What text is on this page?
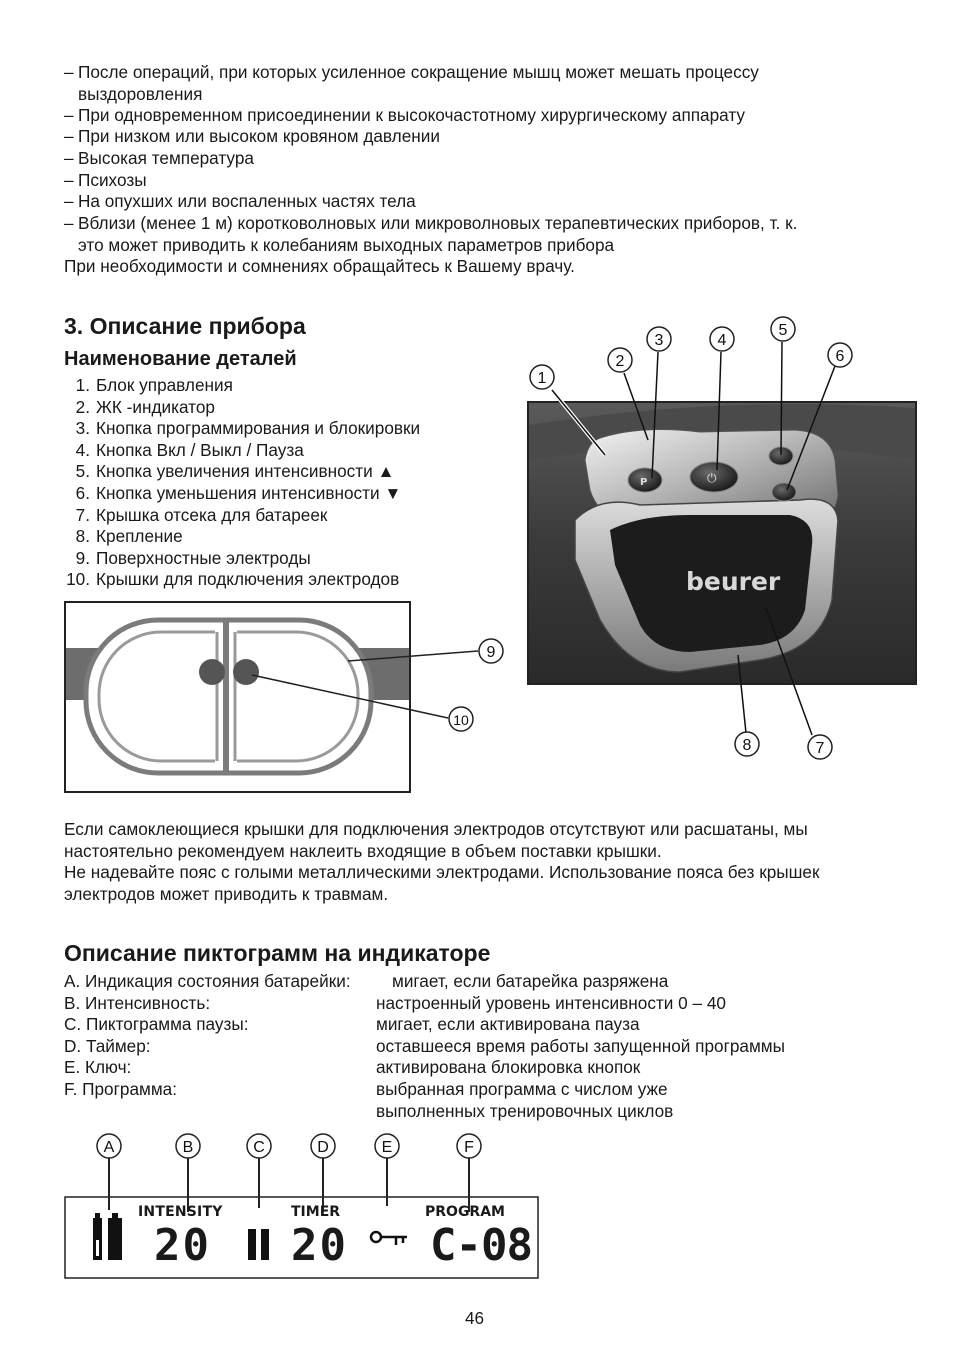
– После операций, при которых усиленное сокращение мышц может мешать процессу
выздоровления
– При одновременном присоединении к высокочастотному хирургическому аппарату
– При низком или высоком кровяном давлении
– Высокая температура
– Психозы
– На опухших или воспаленных частях тела
– Вблизи (менее 1 м) коротковолновых или микроволновых терапевтических приборов, т. к.
это может приводить к колебаниям выходных параметров прибора
При необходимости и сомнениях обращайтесь к Вашему врачу.
3. Описание прибора
Наименование деталей
1. Блок управления
2. ЖК -индикатор
3. Кнопка программирования и блокировки
4. Кнопка Вкл / Выкл / Пауза
5. Кнопка увеличения интенсивности ▲
6. Кнопка уменьшения интенсивности ▼
7. Крышка отсека для батареек
8. Крепление
9. Поверхностные электроды
10. Крышки для подключения электродов	beurer
P	⏻
9
10
1
2
3	4
5
6
7
8
A	B	C	D	E	F
INTENSITY	TIMER	PROGRAM
20 20 C-08
Если самоклеющиеся крышки для подключения электродов отсутствуют или расшатаны, мы
настоятельно рекомендуем наклеить входящие в объем поставки крышки.
Не надевайте пояс с голыми металлическими электродами. Использование пояса без крышек
электродов может приводить к травмам.
Описание пиктограмм на индикаторе
A. Индикация состояния батарейки: мигает, если батарейка разряжена
B. Интенсивность:	настроенный уровень интенсивности 0 – 40
C. Пиктограмма паузы:	мигает, если активирована пауза
D. Таймер:	оставшееся время работы запущенной программы
E. Ключ:	активирована блокировка кнопок
F. Программа:	выбранная программа с числом уже
выполненных тренировочных циклов
46
